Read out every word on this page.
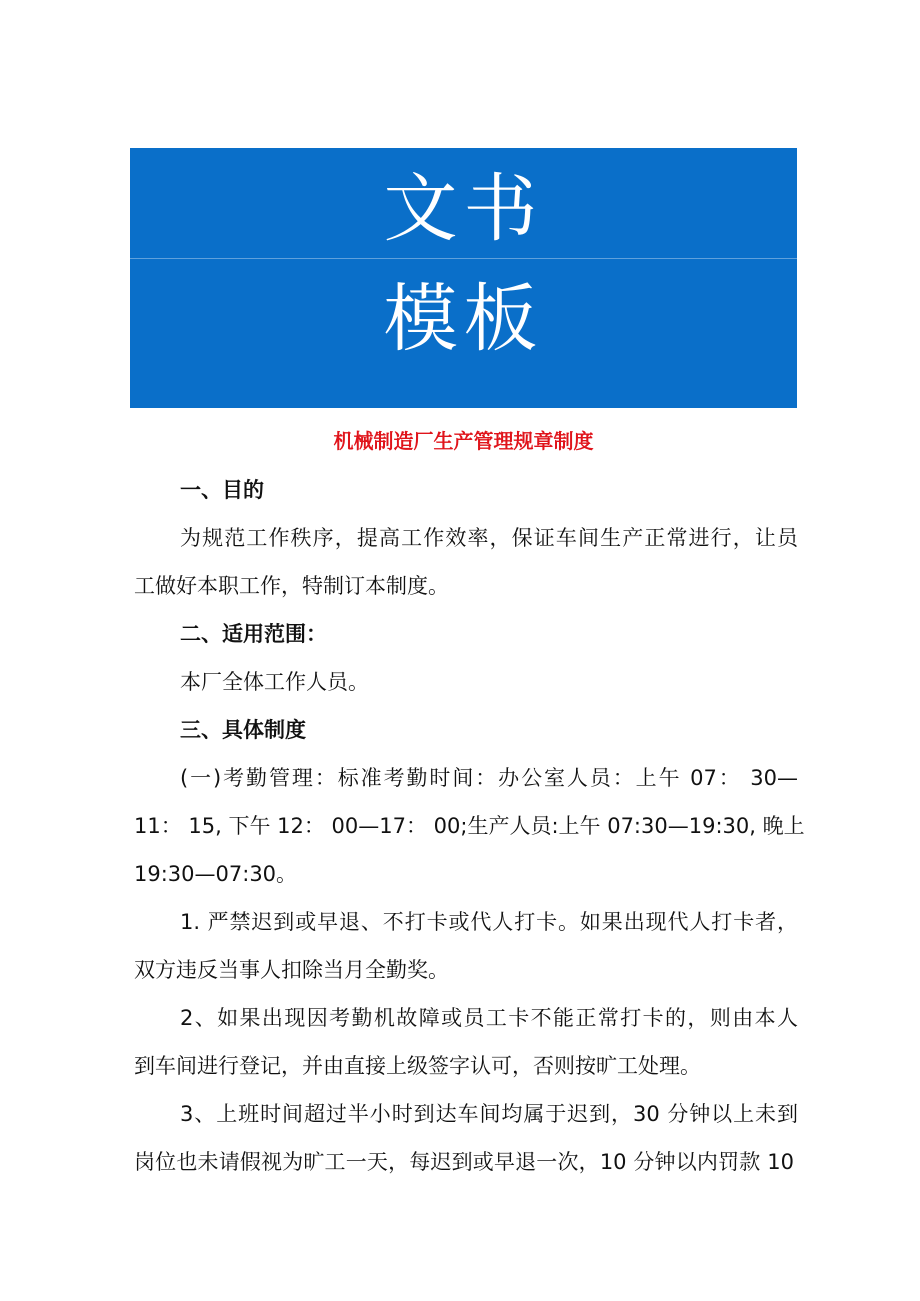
文书
模板
机械制造厂生产管理规章制度
一、目的
为规范工作秩序，提高工作效率，保证车间生产正常进行，让员
工做好本职工作，特制订本制度。
二、适用范围：
本厂全体工作人员。
三、具体制度
(一)考勤管理：标准考勤时间：办公室人员：上午 07： 30—
11： 15, 下午 12： 00—17： 00;生产人员:上午 07:30—19:30, 晚上
19:30—07:30。
1. 严禁迟到或早退、不打卡或代人打卡。如果出现代人打卡者，
双方违反当事人扣除当月全勤奖。
2、如果出现因考勤机故障或员工卡不能正常打卡的，则由本人
到车间进行登记，并由直接上级签字认可，否则按旷工处理。
3、上班时间超过半小时到达车间均属于迟到，30 分钟以上未到
岗位也未请假视为旷工一天，每迟到或早退一次，10 分钟以内罚款 10
